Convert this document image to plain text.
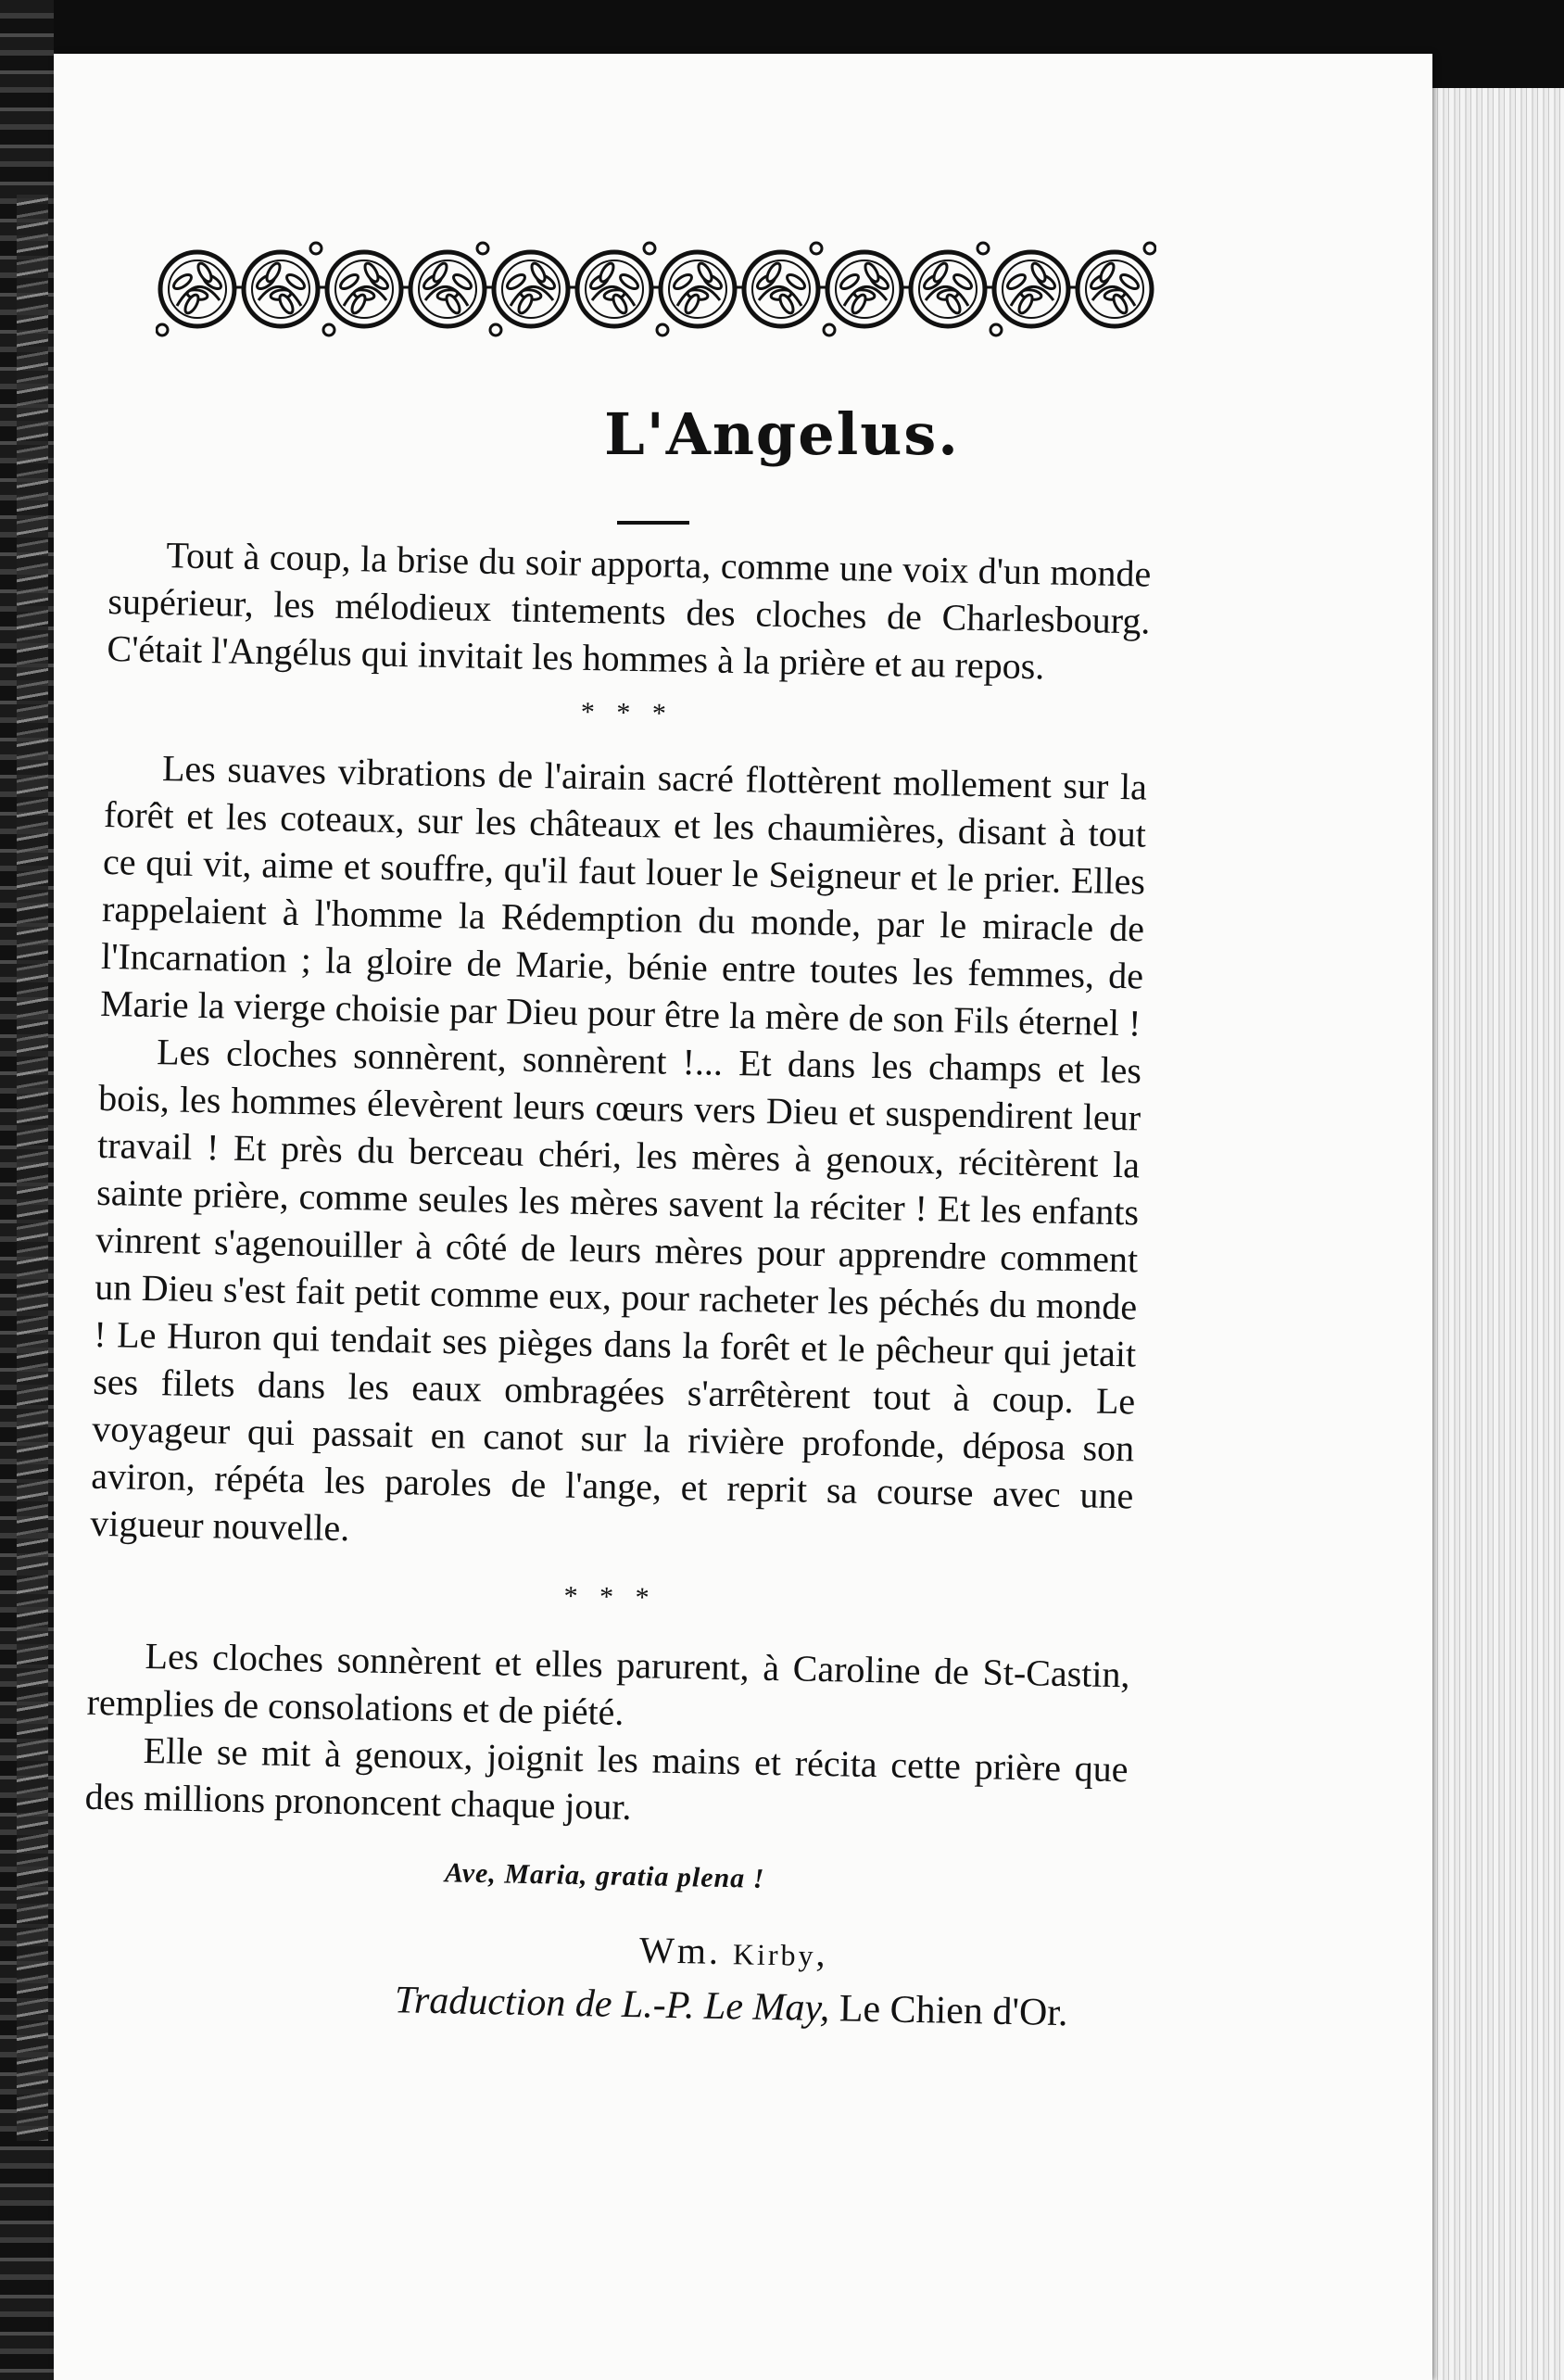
L'Angelus.

Tout à coup, la brise du soir apporta, comme une voix d'un monde supérieur, les mélodieux tintements des cloches de Charlesbourg. C'était l'Angélus qui invitait les hommes à la prière et au repos.

* * *

Les suaves vibrations de l'airain sacré flottèrent mollement sur la forêt et les coteaux, sur les châteaux et les chaumières, disant à tout ce qui vit, aime et souffre, qu'il faut louer le Seigneur et le prier. Elles rappelaient à l'homme la Rédemption du monde, par le miracle de l'Incarnation ; la gloire de Marie, bénie entre toutes les femmes, de Marie la vierge choisie par Dieu pour être la mère de son Fils éternel !

Les cloches sonnèrent, sonnèrent !... Et dans les champs et les bois, les hommes élevèrent leurs cœurs vers Dieu et suspendirent leur travail ! Et près du berceau chéri, les mères à genoux, récitèrent la sainte prière, comme seules les mères savent la réciter ! Et les enfants vinrent s'agenouiller à côté de leurs mères pour apprendre comment un Dieu s'est fait petit comme eux, pour racheter les péchés du monde ! Le Huron qui tendait ses pièges dans la forêt et le pêcheur qui jetait ses filets dans les eaux ombragées s'arrêtèrent tout à coup. Le voyageur qui passait en canot sur la rivière profonde, déposa son aviron, répéta les paroles de l'ange, et reprit sa course avec une vigueur nouvelle.

* * *

Les cloches sonnèrent et elles parurent, à Caroline de St-Castin, remplies de consolations et de piété.

Elle se mit à genoux, joignit les mains et récita cette prière que des millions prononcent chaque jour.

Ave, Maria, gratia plena !
Wm. Kirby,
Traduction de L.-P. Le May, Le Chien d'Or.
